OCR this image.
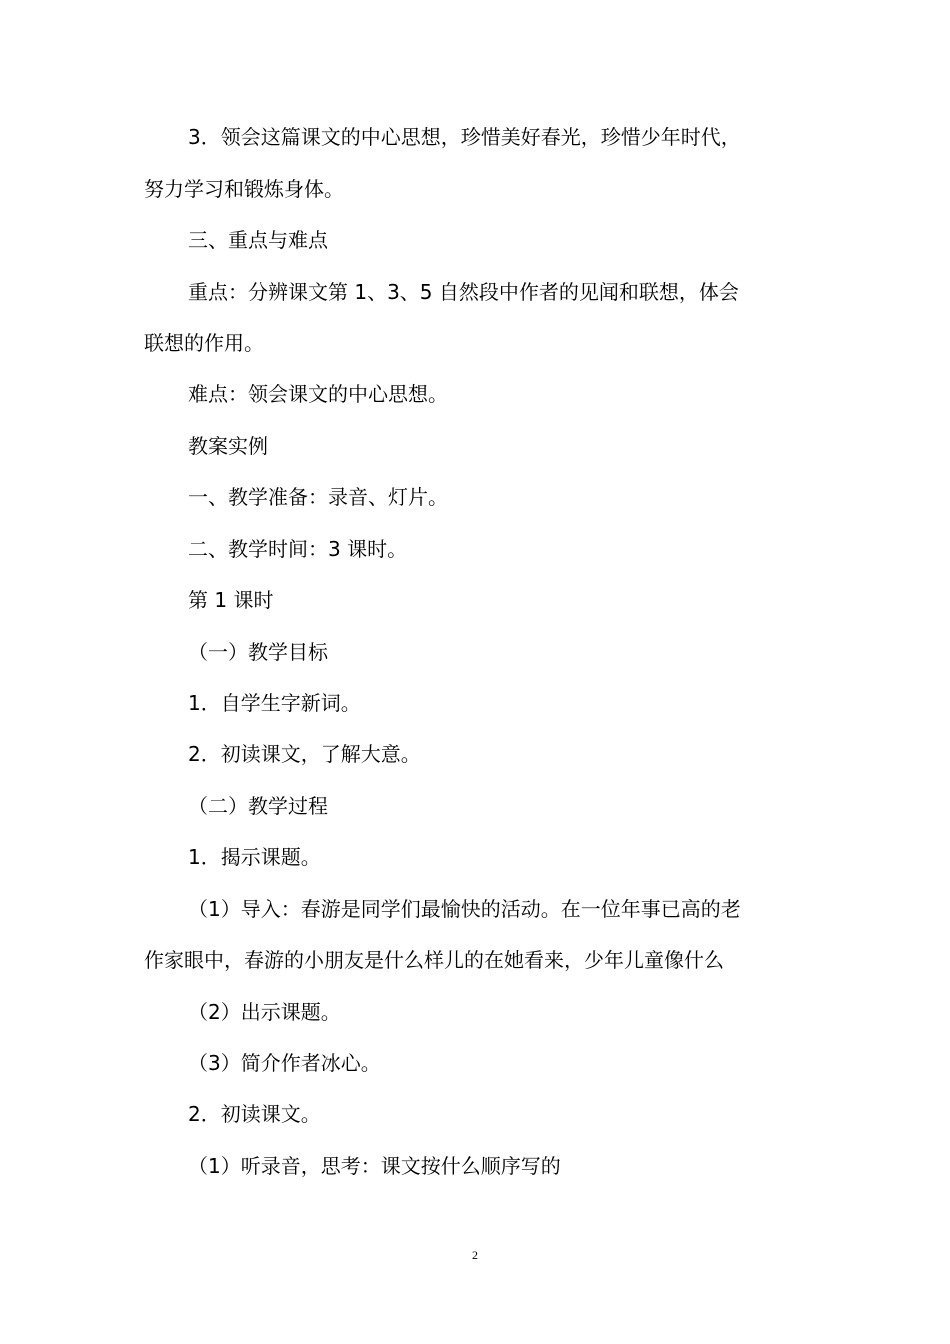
3．领会这篇课文的中心思想，珍惜美好春光，珍惜少年时代，

努力学习和锻炼身体。

三、重点与难点

重点：分辨课文第 1、3、5 自然段中作者的见闻和联想，体会

联想的作用。

难点：领会课文的中心思想。

教案实例

一、教学准备：录音、灯片。

二、教学时间：3 课时。

第 1 课时

（一）教学目标

1．自学生字新词。

2．初读课文，了解大意。

（二）教学过程

1．揭示课题。

（1）导入：春游是同学们最愉快的活动。在一位年事已高的老

作家眼中，春游的小朋友是什么样儿的在她看来，少年儿童像什么

（2）出示课题。

（3）简介作者冰心。

2．初读课文。

（1）听录音，思考：课文按什么顺序写的

2
